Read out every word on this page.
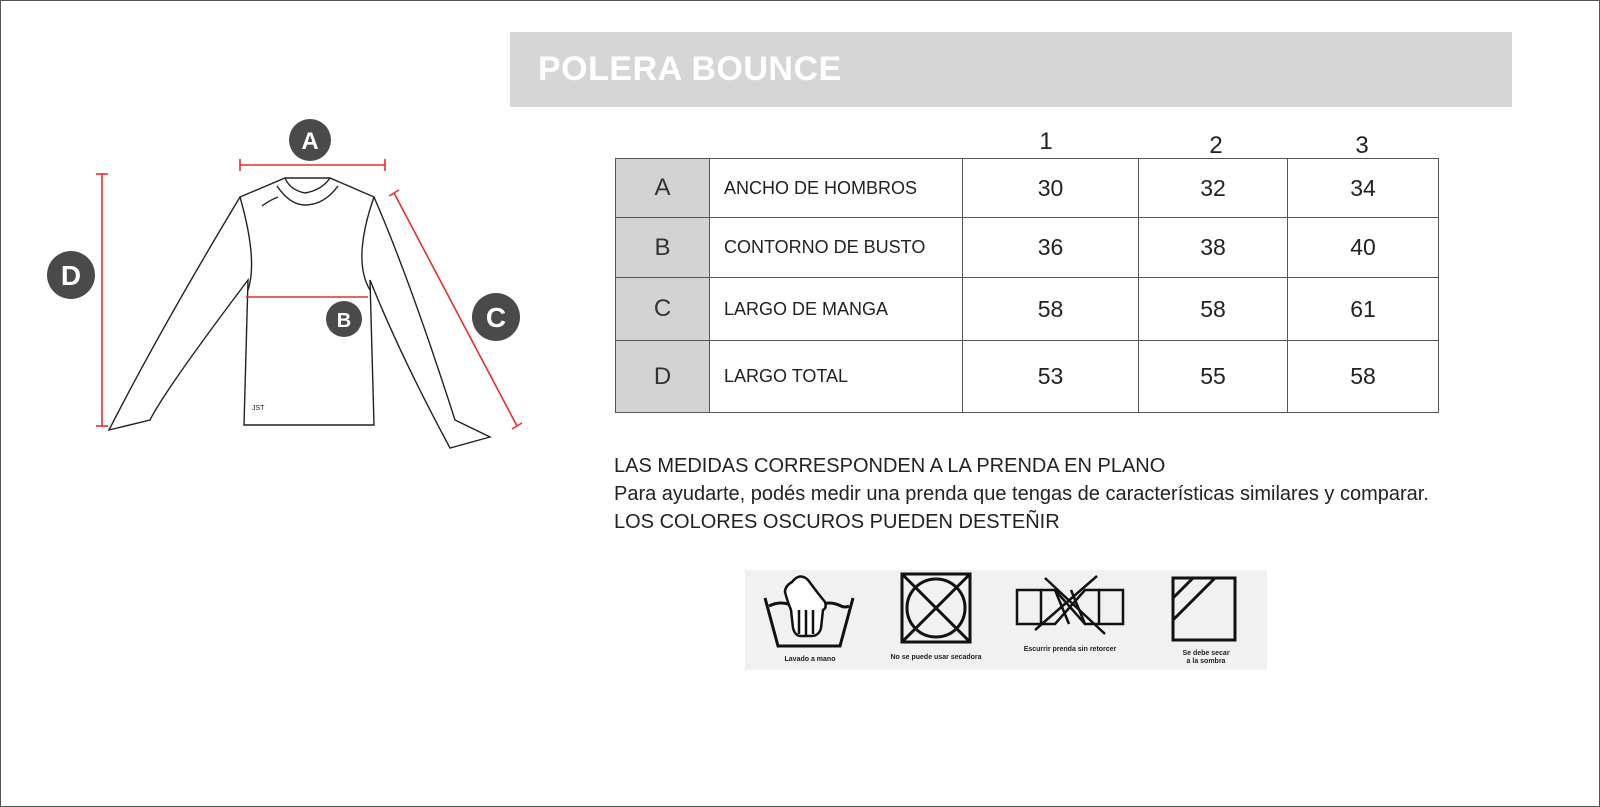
JST
A
B	C
D
POLERA BOUNCE
1	2	3
A	ANCHO DE HOMBROS	30	32	34
B	CONTORNO DE BUSTO	36	38	40
C	LARGO DE MANGA	58	58	61
D	LARGO TOTAL	53	55	58
LAS MEDIDAS CORRESPONDEN A LA PRENDA EN PLANO
Para ayudarte, podés medir una prenda que tengas de características similares y comparar.
LOS COLORES OSCUROS PUEDEN DESTEÑIR
Lavado a mano	No se puede usar secadora
Escurrir prenda sin retorcer
Se debe secar
a la sombra
